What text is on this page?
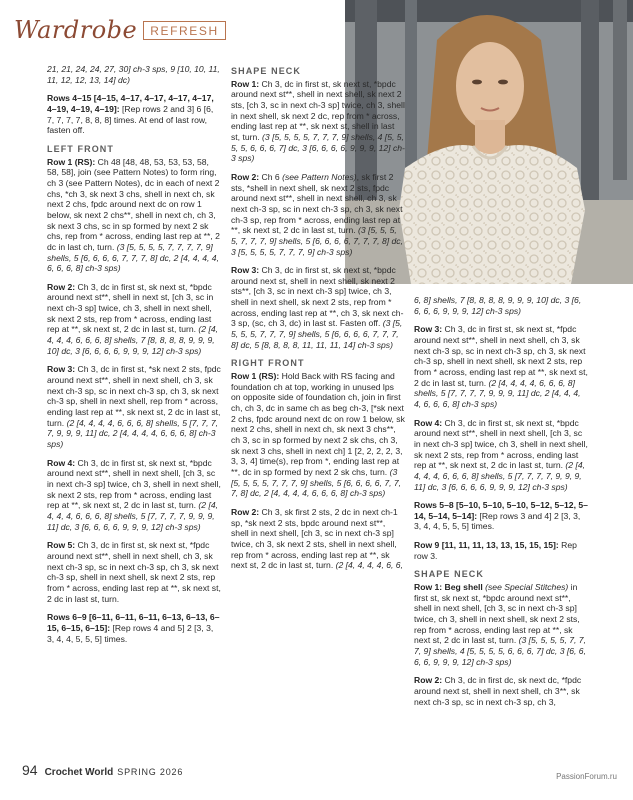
Wardrobe	REFRESH
21, 21, 24, 24, 27, 30] ch-3 sps, 9 [10, 10, 11, 11, 12, 12, 13, 14] dc)
Rows 4–15 [4–15, 4–17, 4–17, 4–17, 4–17, 4–19, 4–19, 4–19]: [Rep rows 2 and 3] 6 [6, 7, 7, 7, 7, 8, 8, 8] times. At end of last row, fasten off.
LEFT FRONT
Row 1 (RS): Ch 48 [48, 48, 53, 53, 53, 58, 58, 58], join (see Pattern Notes) to form ring, ch 3 (see Pattern Notes), dc in each of next 2 chs, *ch 3, sk next 3 chs, shell in next ch, sk next 2 chs, fpdc around next dc on row 1 below, sk next 2 chs**, shell in next ch, ch 3, sk next 3 chs, sc in sp formed by next 2 sk chs, rep from * across, ending last rep at **, 2 dc in last ch, turn. (3 [5, 5, 5, 5, 7, 7, 7, 7, 9] shells, 5 [6, 6, 6, 6, 7, 7, 7, 8] dc, 2 [4, 4, 4, 4, 6, 6, 6, 8] ch-3 sps)
Row 2: Ch 3, dc in first st, sk next st, *bpdc around next st**, shell in next st, [ch 3, sc in next ch-3 sp] twice, ch 3, shell in next shell, sk next 2 sts, rep from * across, ending last rep at **, sk next st, 2 dc in last st, turn. (2 [4, 4, 4, 4, 6, 6, 6, 8] shells, 7 [8, 8, 8, 8, 9, 9, 9, 10] dc, 3 [6, 6, 6, 6, 9, 9, 9, 12] ch-3 sps)
Row 3: Ch 3, dc in first st, *sk next 2 sts, fpdc around next st**, shell in next shell, ch 3, sk next ch-3 sp, sc in next ch-3 sp, ch 3, sk next ch-3 sp, shell in next shell, rep from * across, ending last rep at **, sk next st, 2 dc in last st, turn. (2 [4, 4, 4, 4, 6, 6, 6, 8] shells, 5 [7, 7, 7, 7, 9, 9, 9, 11] dc, 2 [4, 4, 4, 4, 6, 6, 6, 8] ch-3 sps)
Row 4: Ch 3, dc in first st, sk next st, *bpdc around next st**, shell in next shell, [ch 3, sc in next ch-3 sp] twice, ch 3, shell in next shell, sk next 2 sts, rep from * across, ending last rep at **, sk next st, 2 dc in last st, turn. (2 [4, 4, 4, 4, 6, 6, 6, 8] shells, 5 [7, 7, 7, 7, 9, 9, 9, 11] dc, 3 [6, 6, 6, 6, 9, 9, 9, 12] ch-3 sps)
Row 5: Ch 3, dc in first st, sk next st, *fpdc around next st**, shell in next shell, ch 3, sk next ch-3 sp, sc in next ch-3 sp, ch 3, sk next ch-3 sp, shell in next shell, sk next 2 sts, rep from * across, ending last rep at **, sk next st, 2 dc in last st, turn.
Rows 6–9 [6–11, 6–11, 6–11, 6–13, 6–13, 6–15, 6–15, 6–15]: [Rep rows 4 and 5] 2 [3, 3, 3, 4, 4, 5, 5, 5] times.
SHAPE NECK
Row 1: Ch 3, dc in first st, sk next st, *bpdc around next st**, shell in next shell, sk next 2 sts, [ch 3, sc in next ch-3 sp] twice, ch 3, shell in next shell, sk next 2 dc, rep from * across, ending last rep at **, sk next st, shell in last st, turn. (3 [5, 5, 5, 5, 7, 7, 7, 9] shells, 4 [5, 5, 5, 5, 6, 6, 6, 7] dc, 3 [6, 6, 6, 6, 9, 9, 9, 12] ch-3 sps)
Row 2: Ch 6 (see Pattern Notes), sk first 2 sts, *shell in next shell, sk next 2 sts, fpdc around next st**, shell in next shell, ch 3, sk next ch-3 sp, sc in next ch-3 sp, ch 3, sk next ch-3 sp, rep from * across, ending last rep at **, sk next st, 2 dc in last st, turn. (3 [5, 5, 5, 5, 7, 7, 7, 9] shells, 5 [6, 6, 6, 6, 7, 7, 7, 8] dc, 3 [5, 5, 5, 5, 7, 7, 7, 9] ch-3 sps)
Row 3: Ch 3, dc in first st, sk next st, *bpdc around next st, shell in next shell, sk next 2 sts**, [ch 3, sc in next ch-3 sp] twice, ch 3, shell in next shell, sk next 2 sts, rep from * across, ending last rep at **, ch 3, sk next ch-3 sp, (sc, ch 3, dc) in last st. Fasten off. (3 [5, 5, 5, 5, 7, 7, 7, 9] shells, 5 [6, 6, 6, 6, 7, 7, 7, 8] dc, 5 [8, 8, 8, 8, 11, 11, 11, 14] ch-3 sps)
RIGHT FRONT
Row 1 (RS): Hold Back with RS facing and foundation ch at top, working in unused lps on opposite side of foundation ch, join in first ch, ch 3, dc in same ch as beg ch-3, [*sk next 2 chs, fpdc around next dc on row 1 below, sk next 2 chs, shell in next ch, sk next 3 chs**, ch 3, sc in sp formed by next 2 sk chs, ch 3, sk next 3 chs, shell in next ch] 1 [2, 2, 2, 2, 3, 3, 3, 4] time(s), rep from *, ending last rep at **, dc in sp formed by next 2 sk chs, turn. (3 [5, 5, 5, 5, 7, 7, 7, 9] shells, 5 [6, 6, 6, 6, 7, 7, 7, 8] dc, 2 [4, 4, 4, 4, 6, 6, 6, 8] ch-3 sps)
Row 2: Ch 3, sk first 2 sts, 2 dc in next ch-1 sp, *sk next 2 sts, bpdc around next st**, shell in next shell, [ch 3, sc in next ch-3 sp] twice, ch 3, sk next 2 sts, shell in next shell, rep from * across, ending last rep at **, sk next st, 2 dc in last st, turn. (2 [4, 4, 4, 4, 6, 6,
6, 8] shells, 7 [8, 8, 8, 8, 9, 9, 9, 10] dc, 3 [6, 6, 6, 6, 9, 9, 9, 12] ch-3 sps)
Row 3: Ch 3, dc in first st, sk next st, *fpdc around next st**, shell in next shell, ch 3, sk next ch-3 sp, sc in next ch-3 sp, ch 3, sk next ch-3 sp, shell in next shell, sk next 2 sts, rep from * across, ending last rep at **, sk next st, 2 dc in last st, turn. (2 [4, 4, 4, 4, 6, 6, 6, 8] shells, 5 [7, 7, 7, 7, 9, 9, 9, 11] dc, 2 [4, 4, 4, 4, 6, 6, 6, 8] ch-3 sps)
Row 4: Ch 3, dc in first st, sk next st, *bpdc around next st**, shell in next shell, [ch 3, sc in next ch-3 sp] twice, ch 3, shell in next shell, sk next 2 sts, rep from * across, ending last rep at **, sk next st, 2 dc in last st, turn. (2 [4, 4, 4, 4, 6, 6, 6, 8] shells, 5 [7, 7, 7, 7, 9, 9, 9, 11] dc, 3 [6, 6, 6, 6, 9, 9, 9, 12] ch-3 sps)
Rows 5–8 [5–10, 5–10, 5–10, 5–12, 5–12, 5–14, 5–14, 5–14]: [Rep rows 3 and 4] 2 [3, 3, 3, 4, 4, 5, 5, 5] times.
Row 9 [11, 11, 11, 13, 13, 15, 15, 15]: Rep row 3.
SHAPE NECK
Row 1: Beg shell (see Special Stitches) in first st, sk next st, *bpdc around next st**, shell in next shell, [ch 3, sc in next ch-3 sp] twice, ch 3, shell in next shell, sk next 2 sts, rep from * across, ending last rep at **, sk next st, 2 dc in last st, turn. (3 [5, 5, 5, 5, 7, 7, 7, 9] shells, 4 [5, 5, 5, 5, 6, 6, 6, 7] dc, 3 [6, 6, 6, 6, 9, 9, 9, 12] ch-3 sps)
Row 2: Ch 3, dc in first dc, sk next dc, *fpdc around next st, shell in next shell, ch 3**, sk next ch-3 sp, sc in next ch-3 sp, ch 3,
94 Crochet World SPRING 2026	PassionForum.ru
